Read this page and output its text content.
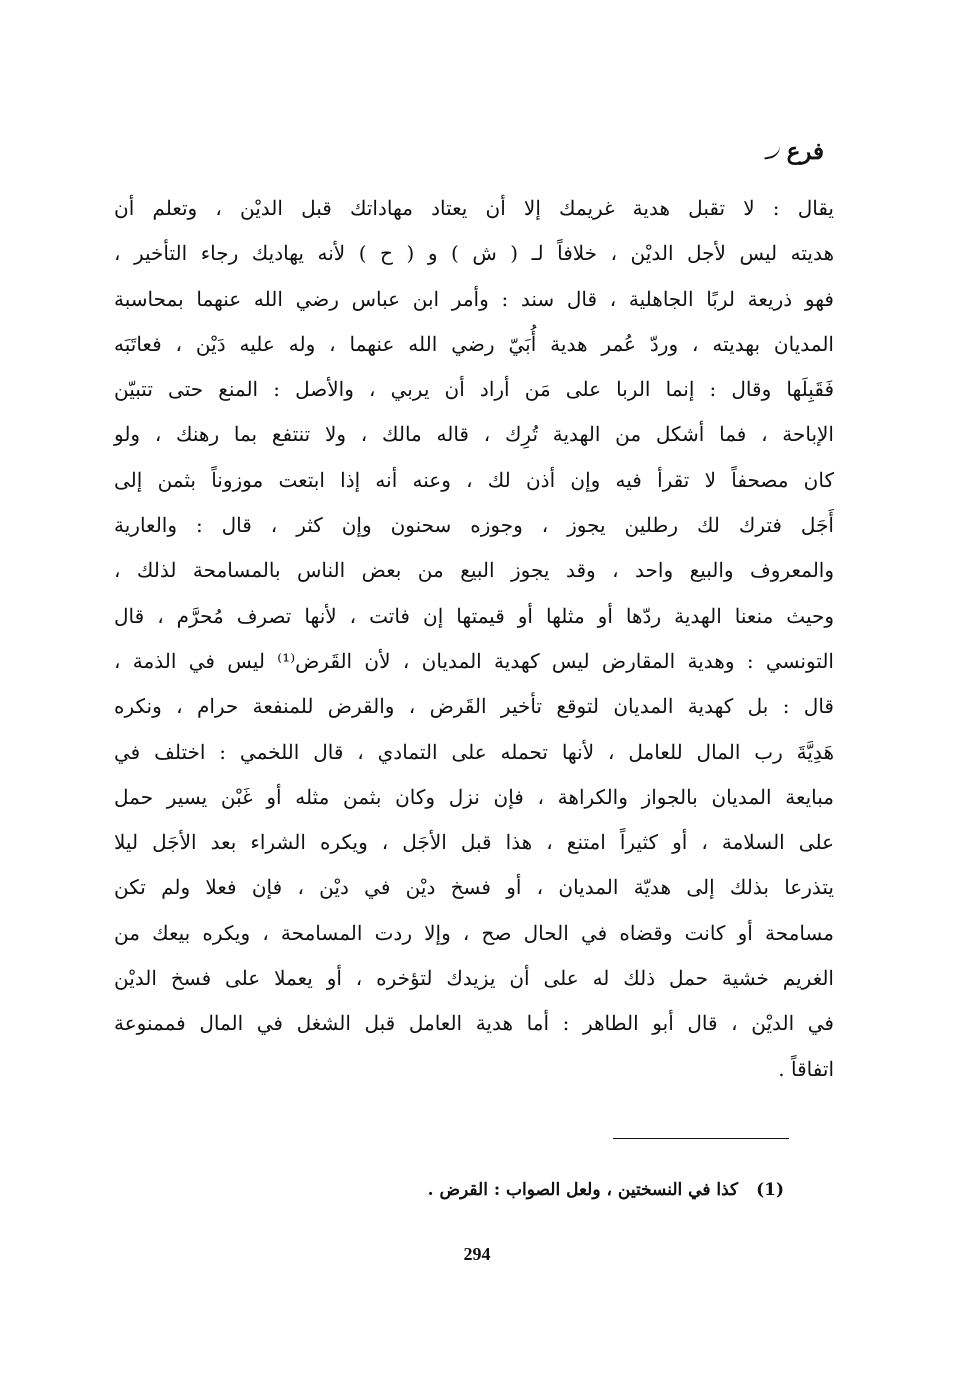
فرع
يقال : لا تقبل هدية غريمك إلا أن يعتاد مهاداتك قبل الديْن ، وتعلم أن
هديته ليس لأجل الديْن ، خلافاً لـ ( ش ) و ( ح ) لأنه يهاديك رجاء التأخير ،
فهو ذريعة لربًا الجاهلية ، قال سند : وأمر ابن عباس رضي الله عنهما بمحاسبة
المديان بهديته ، وردّ عُمر هدية أُبَيّ رضي الله عنهما ، وله عليه دَيْن ، فعاتَبَه
فَقَبِلَها وقال : إنما الربا على مَن أراد أن يربي ، والأصل : المنع حتى تتبيّن
الإباحة ، فما أشكل من الهدية تُرِك ، قاله مالك ، ولا تنتفع بما رهنك ، ولو
كان مصحفاً لا تقرأ فيه وإن أذن لك ، وعنه أنه إذا ابتعت موزوناً بثمن إلى
أَجَل فترك لك رطلين يجوز ، وجوزه سحنون وإن كثر ، قال : والعارية
والمعروف والبيع واحد ، وقد يجوز البيع من بعض الناس بالمسامحة لذلك ،
وحيث منعنا الهدية ردّها أو مثلها أو قيمتها إن فاتت ، لأنها تصرف مُحرَّم ، قال
التونسي : وهدية المقارض ليس كهدية المديان ، لأن القَرض⁽¹⁾ ليس في الذمة ،
قال : بل كهدية المديان لتوقع تأخير القَرض ، والقرض للمنفعة حرام ، ونكره
هَدِيَّةَ رب المال للعامل ، لأنها تحمله على التمادي ، قال اللخمي : اختلف في
مبايعة المديان بالجواز والكراهة ، فإن نزل وكان بثمن مثله أو غَبْن يسير حمل
على السلامة ، أو كثيراً امتنع ، هذا قبل الأجَل ، ويكره الشراء بعد الأجَل ليلا
يتذرعا بذلك إلى هديّة المديان ، أو فسخ ديْن في ديْن ، فإن فعلا ولم تكن
مسامحة أو كانت وقضاه في الحال صح ، وإلا ردت المسامحة ، ويكره بيعك من
الغريم خشية حمل ذلك له على أن يزيدك لتؤخره ، أو يعملا على فسخ الديْن
في الديْن ، قال أبو الطاهر : أما هدية العامل قبل الشغل في المال فممنوعة
اتفاقاً .
(1) كذا في النسختين ، ولعل الصواب : القرض .
294
